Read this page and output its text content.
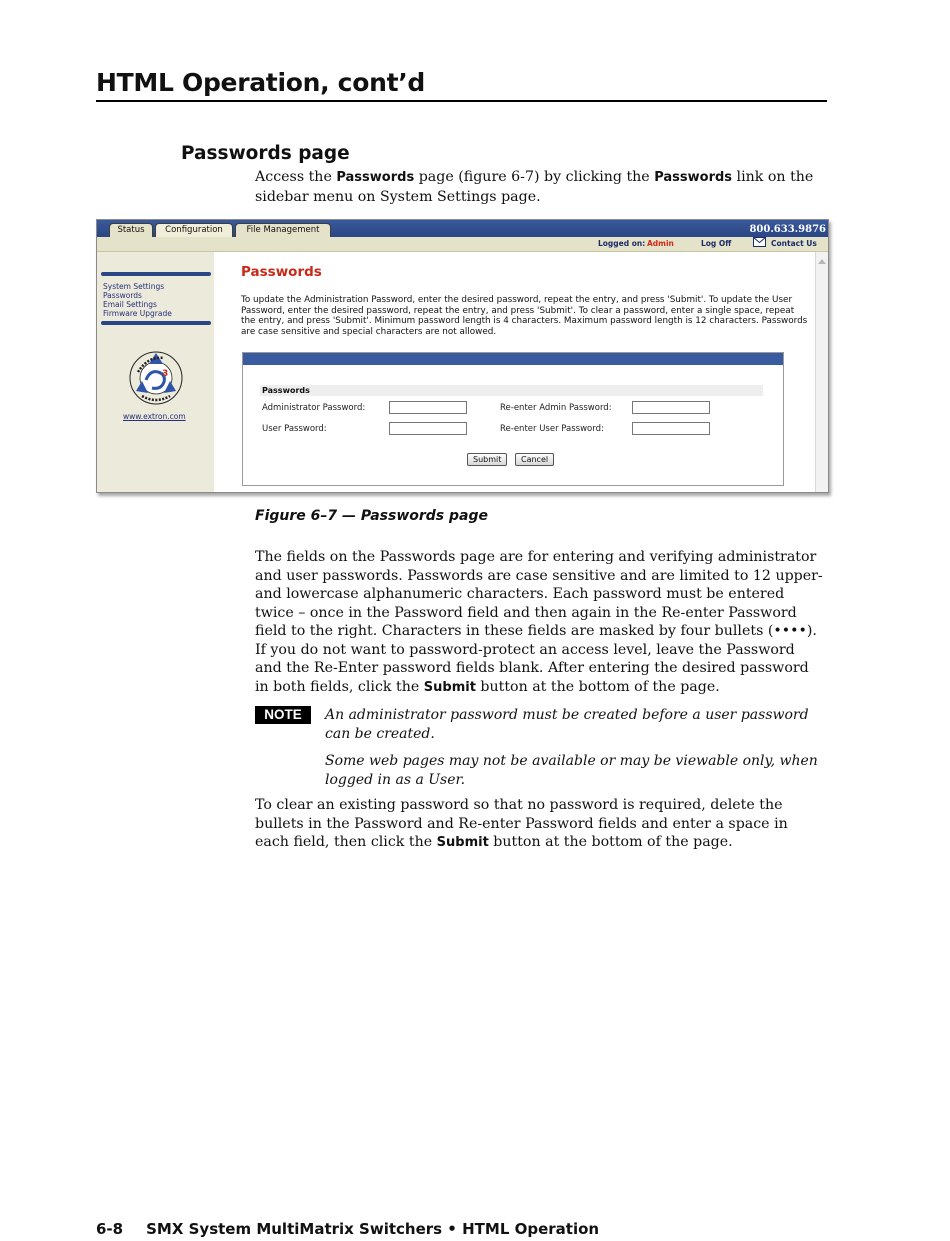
HTML Operation, cont’d
Passwords page

Access the Passwords page (figure 6-7) by clicking the Passwords link on the sidebar menu on System Settings page.

Status	Configuration	File Management	800.633.9876
Logged on: Admin	Log Off	Contact Us
System Settings
Passwords
Email Settings
Firmware Upgrade
3
www.extron.com
Passwords
To update the Administration Password, enter the desired password, repeat the entry, and press 'Submit'. To update the User Password, enter the desired password, repeat the entry, and press 'Submit'. To clear a password, enter a single space, repeat the entry, and press 'Submit'. Minimum password length is 4 characters. Maximum password length is 12 characters. Passwords are case sensitive and special characters are not allowed.
Passwords
Administrator Password:	Re-enter Admin Password:
User Password:	Re-enter User Password:
Submit	Cancel
Figure 6–7 — Passwords page

The fields on the Passwords page are for entering and verifying administrator and user passwords. Passwords are case sensitive and are limited to 12 upper- and lowercase alphanumeric characters. Each password must be entered twice – once in the Password field and then again in the Re-enter Password field to the right. Characters in these fields are masked by four bullets (••••). If you do not want to password-protect an access level, leave the Password and the Re-Enter password fields blank. After entering the desired password in both fields, click the Submit button at the bottom of the page.

NOTE	An administrator password must be created before a user password can be created.

Some web pages may not be available or may be viewable only, when logged in as a User.

To clear an existing password so that no password is required, delete the bullets in the Password and Re-enter Password fields and enter a space in each field, then click the Submit button at the bottom of the page.

6-8 SMX System MultiMatrix Switchers • HTML Operation
